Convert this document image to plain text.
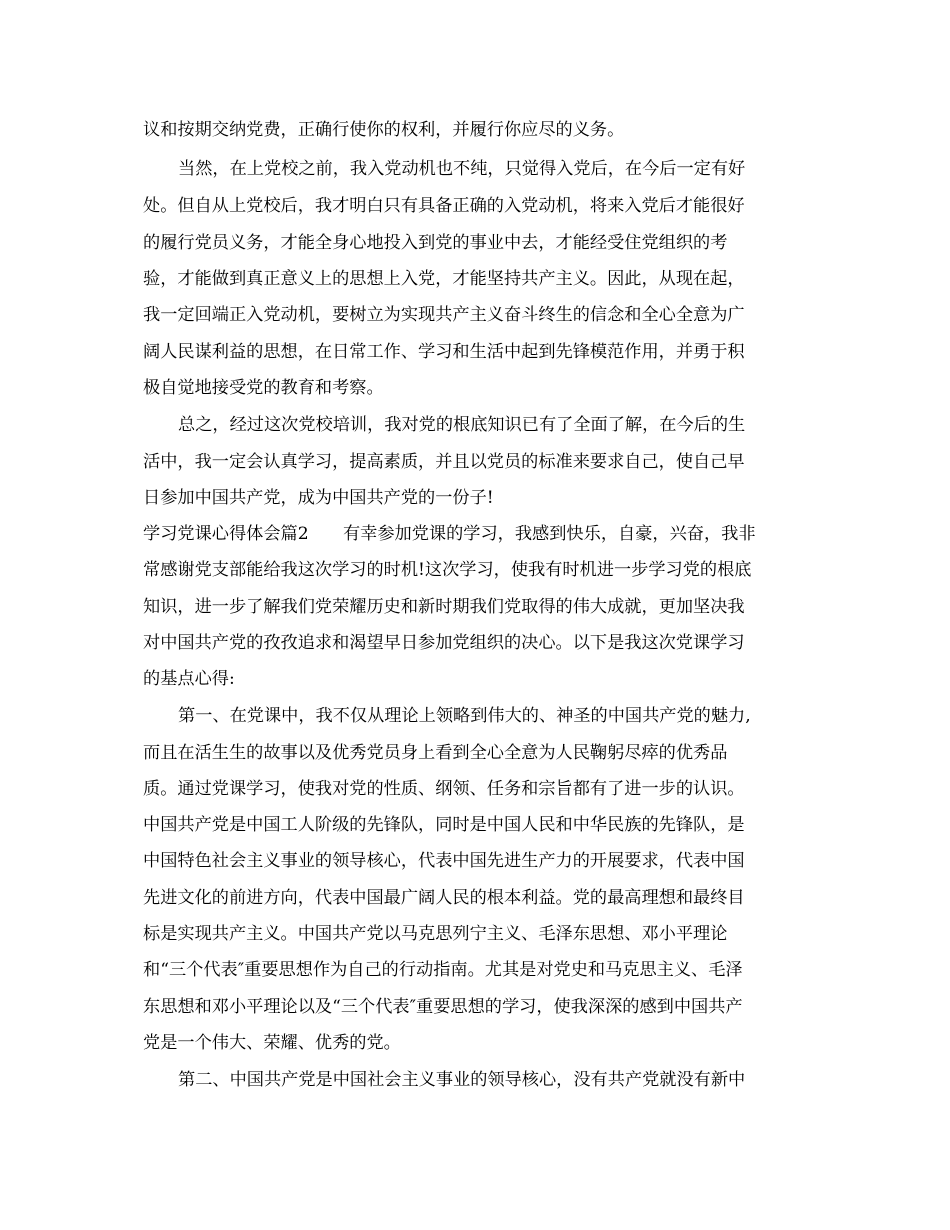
议和按期交纳党费，正确行使你的权利，并履行你应尽的义务。
当然，在上党校之前，我入党动机也不纯，只觉得入党后，在今后一定有好
处。但自从上党校后，我才明白只有具备正确的入党动机，将来入党后才能很好
的履行党员义务，才能全身心地投入到党的事业中去，才能经受住党组织的考
验，才能做到真正意义上的思想上入党，才能坚持共产主义。因此，从现在起，
我一定回端正入党动机，要树立为实现共产主义奋斗终生的信念和全心全意为广
阔人民谋利益的思想，在日常工作、学习和生活中起到先锋模范作用，并勇于积
极自觉地接受党的教育和考察。
总之，经过这次党校培训，我对党的根底知识已有了全面了解，在今后的生
活中，我一定会认真学习，提高素质，并且以党员的标准来要求自己，使自己早
日参加中国共产党，成为中国共产党的一份子!
学习党课心得体会篇2　　有幸参加党课的学习，我感到快乐，自豪，兴奋，我非
常感谢党支部能给我这次学习的时机!这次学习，使我有时机进一步学习党的根底
知识，进一步了解我们党荣耀历史和新时期我们党取得的伟大成就，更加坚决我
对中国共产党的孜孜追求和渴望早日参加党组织的决心。以下是我这次党课学习
的基点心得:
第一、在党课中，我不仅从理论上领略到伟大的、神圣的中国共产党的魅力,
而且在活生生的故事以及优秀党员身上看到全心全意为人民鞠躬尽瘁的优秀品
质。通过党课学习，使我对党的性质、纲领、任务和宗旨都有了进一步的认识。
中国共产党是中国工人阶级的先锋队，同时是中国人民和中华民族的先锋队，是
中国特色社会主义事业的领导核心，代表中国先进生产力的开展要求，代表中国
先进文化的前进方向，代表中国最广阔人民的根本利益。党的最高理想和最终目
标是实现共产主义。中国共产党以马克思列宁主义、毛泽东思想、邓小平理论
和“三个代表″重要思想作为自己的行动指南。尤其是对党史和马克思主义、毛泽
东思想和邓小平理论以及“三个代表″重要思想的学习，使我深深的感到中国共产
党是一个伟大、荣耀、优秀的党。
第二、中国共产党是中国社会主义事业的领导核心，没有共产党就没有新中
